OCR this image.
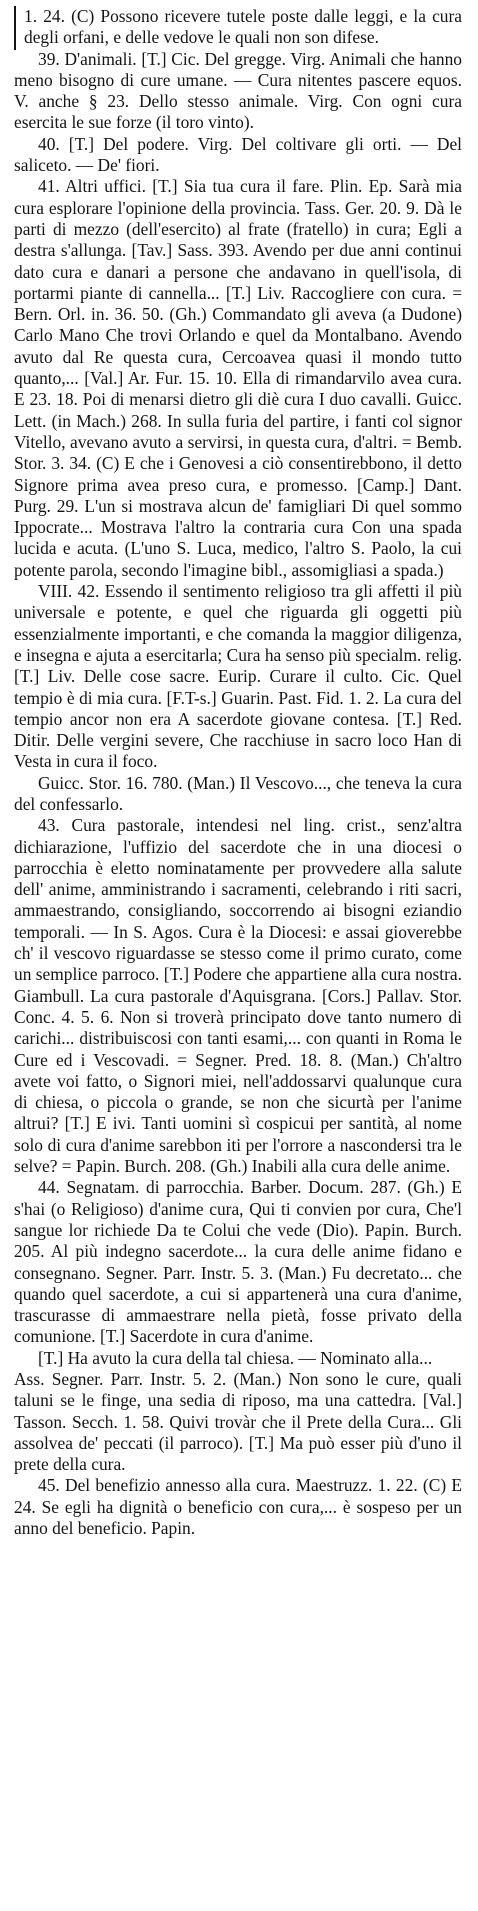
1. 24. (C) Possono ricevere tutele poste dalle leggi, e la cura degli orfani, e delle vedove le quali non son difese.

39. D'animali. [T.] Cic. Del gregge. Virg. Animali che hanno meno bisogno di cure umane. — Cura nitentes pascere equos. V. anche § 23. Dello stesso animale. Virg. Con ogni cura esercita le sue forze (il toro vinto).

40. [T.] Del podere. Virg. Del coltivare gli orti. — Del saliceto. — De' fiori.

41. Altri uffici. [T.] Sia tua cura il fare. Plin. Ep. Sarà mia cura esplorare l'opinione della provincia. Tass. Ger. 20. 9. Dà le parti di mezzo (dell'esercito) al frate (fratello) in cura; Egli a destra s'allunga. [Tav.] Sass. 393. Avendo per due anni continui dato cura e danari a persone che andavano in quell'isola, di portarmi piante di cannella... [T.] Liv. Raccogliere con cura. = Bern. Orl. in. 36. 50. (Gh.) Commandato gli aveva (a Dudone) Carlo Mano Che trovi Orlando e quel da Montalbano. Avendo avuto dal Re questa cura, Cercoavea quasi il mondo tutto quanto,... [Val.] Ar. Fur. 15. 10. Ella di rimandarvilo avea cura. E 23. 18. Poi di menarsi dietro gli diè cura I duo cavalli. Guicc. Lett. (in Mach.) 268. In sulla furia del partire, i fanti col signor Vitello, avevano avuto a servirsi, in questa cura, d'altri. = Bemb. Stor. 3. 34. (C) E che i Genovesi a ciò consentirebbono, il detto Signore prima avea preso cura, e promesso. [Camp.] Dant. Purg. 29. L'un si mostrava alcun de' famigliari Di quel sommo Ippocrate... Mostrava l'altro la contraria cura Con una spada lucida e acuta. (L'uno S. Luca, medico, l'altro S. Paolo, la cui potente parola, secondo l'imagine bibl., assomigliasi a spada.)

VIII. 42. Essendo il sentimento religioso tra gli affetti il più universale e potente, e quel che riguarda gli oggetti più essenzialmente importanti, e che comanda la maggior diligenza, e insegna e ajuta a esercitarla; Cura ha senso più specialm. relig. [T.] Liv. Delle cose sacre. Eurip. Curare il culto. Cic. Quel tempio è di mia cura. [F.T-s.] Guarin. Past. Fid. 1. 2. La cura del tempio ancor non era A sacerdote giovane contesa. [T.] Red. Ditir. Delle vergini severe, Che racchiuse in sacro loco Han di Vesta in cura il foco.

Guicc. Stor. 16. 780. (Man.) Il Vescovo..., che teneva la cura del confessarlo.

43. Cura pastorale, intendesi nel ling. crist., senz'altra dichiarazione, l'uffizio del sacerdote che in una diocesi o parrocchia è eletto nominatamente per provvedere alla salute dell' anime, amministrando i sacramenti, celebrando i riti sacri, ammaestrando, consigliando, soccorrendo ai bisogni eziandio temporali. — In S. Agos. Cura è la Diocesi: e assai gioverebbe ch' il vescovo riguardasse se stesso come il primo curato, come un semplice parroco. [T.] Podere che appartiene alla cura nostra. Giambull. La cura pastorale d'Aquisgrana. [Cors.] Pallav. Stor. Conc. 4. 5. 6. Non si troverà principato dove tanto numero di carichi... distribuiscosi con tanti esami,... con quanti in Roma le Cure ed i Vescovadi. = Segner. Pred. 18. 8. (Man.) Ch'altro avete voi fatto, o Signori miei, nell'addossarvi qualunque cura di chiesa, o piccola o grande, se non che sicurtà per l'anime altrui? [T.] E ivi. Tanti uomini sì cospicui per santità, al nome solo di cura d'anime sarebbon iti per l'orrore a nascondersi tra le selve? = Papin. Burch. 208. (Gh.) Inabili alla cura delle anime.

44. Segnatam. di parrocchia. Barber. Docum. 287. (Gh.) E s'hai (o Religioso) d'anime cura, Qui ti convien por cura, Che'l sangue lor richiede Da te Colui che vede (Dio). Papin. Burch. 205. Al più indegno sacerdote... la cura delle anime fidano e consegnano. Segner. Parr. Instr. 5. 3. (Man.) Fu decretato... che quando quel sacerdote, a cui si appartenerà una cura d'anime, trascurasse di ammaestrare nella pietà, fosse privato della comunione. [T.] Sacerdote in cura d'anime.

[T.] Ha avuto la cura della tal chiesa. — Nominato alla...

Ass. Segner. Parr. Instr. 5. 2. (Man.) Non sono le cure, quali taluni se le finge, una sedia di riposo, ma una cattedra. [Val.] Tasson. Secch. 1. 58. Quivi trovàr che il Prete della Cura... Gli assolvea de' peccati (il parroco). [T.] Ma può esser più d'uno il prete della cura.

45. Del benefizio annesso alla cura. Maestruzz. 1. 22. (C) E 24. Se egli ha dignità o beneficio con cura,... è sospeso per un anno del beneficio. Papin.
